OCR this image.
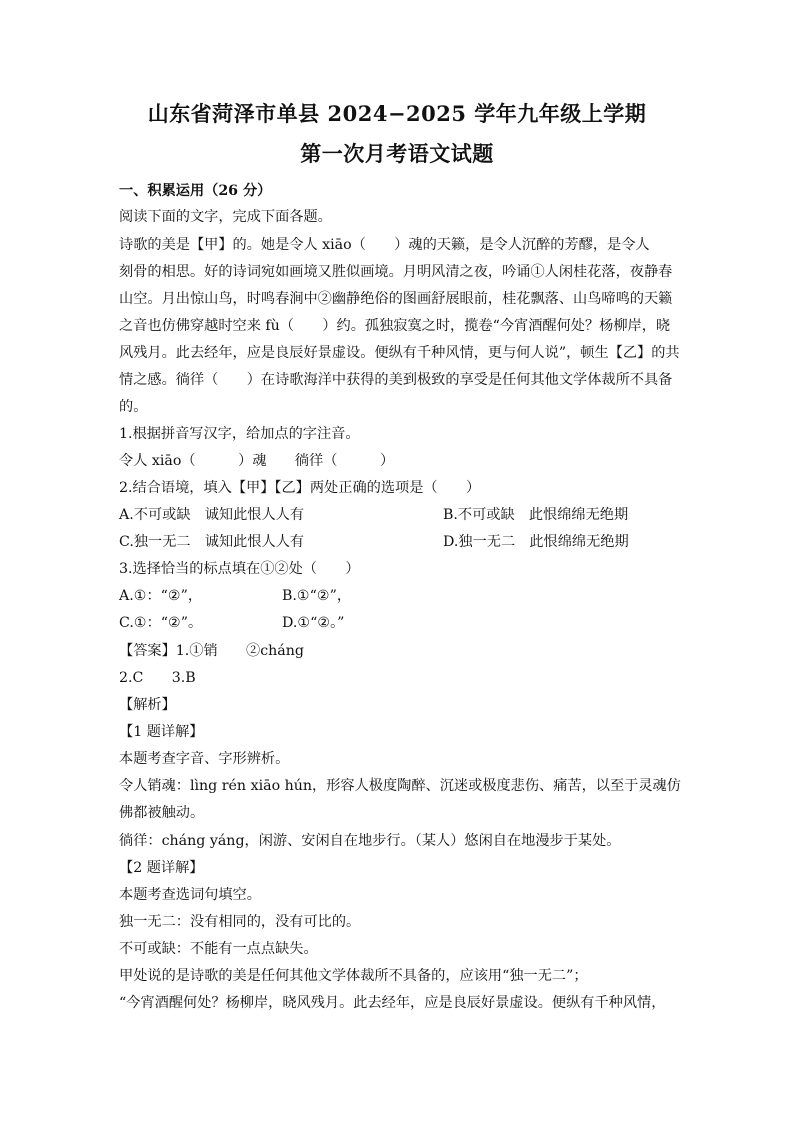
山东省菏泽市单县 2024−2025 学年九年级上学期
第一次月考语文试题
一、积累运用（26 分）
阅读下面的文字，完成下面各题。
诗歌的美是【甲】的。她是令人 xiāo（　　）魂的天籁，是令人沉醉的芳醪，是令人
刻骨的相思。好的诗词宛如画境又胜似画境。月明风清之夜，吟诵①人闲桂花落，夜静春
山空。月出惊山鸟，时鸣春涧中②幽静绝俗的图画舒展眼前，桂花飘落、山鸟啼鸣的天籁
之音也仿佛穿越时空来 fù（　　）约。孤独寂寞之时，揽卷“今宵酒醒何处？杨柳岸，晓
风残月。此去经年，应是良辰好景虚设。便纵有千种风情，更与何人说”，顿生【乙】的共
情之感。徜徉（　　）在诗歌海洋中获得的美到极致的享受是任何其他文学体裁所不具备
的。
1.根据拼音写汉字，给加点的字注音。
令人 xiāo（　　　）魂　　徜徉（　　　）
2.结合语境，填入【甲】【乙】两处正确的选项是（　　）
A.不可或缺　诚知此恨人人有	B.不可或缺　此恨绵绵无绝期
C.独一无二　诚知此恨人人有	D.独一无二　此恨绵绵无绝期
3.选择恰当的标点填在①②处（　　）
A.①：“②”，	B.①“②”，
C.①：“②”。	D.①“②。”
【答案】1.①销　　②cháng
2.C　　3.B
【解析】
【1 题详解】
本题考查字音、字形辨析。
令人销魂：lìng rén xiāo hún，形容人极度陶醉、沉迷或极度悲伤、痛苦，以至于灵魂仿
佛都被触动。
徜徉：cháng yáng，闲游、安闲自在地步行。（某人）悠闲自在地漫步于某处。
【2 题详解】
本题考查选词句填空。
独一无二：没有相同的，没有可比的。
不可或缺：不能有一点点缺失。
甲处说的是诗歌的美是任何其他文学体裁所不具备的，应该用“独一无二”；
“今宵酒醒何处？杨柳岸，晓风残月。此去经年，应是良辰好景虚设。便纵有千种风情，
